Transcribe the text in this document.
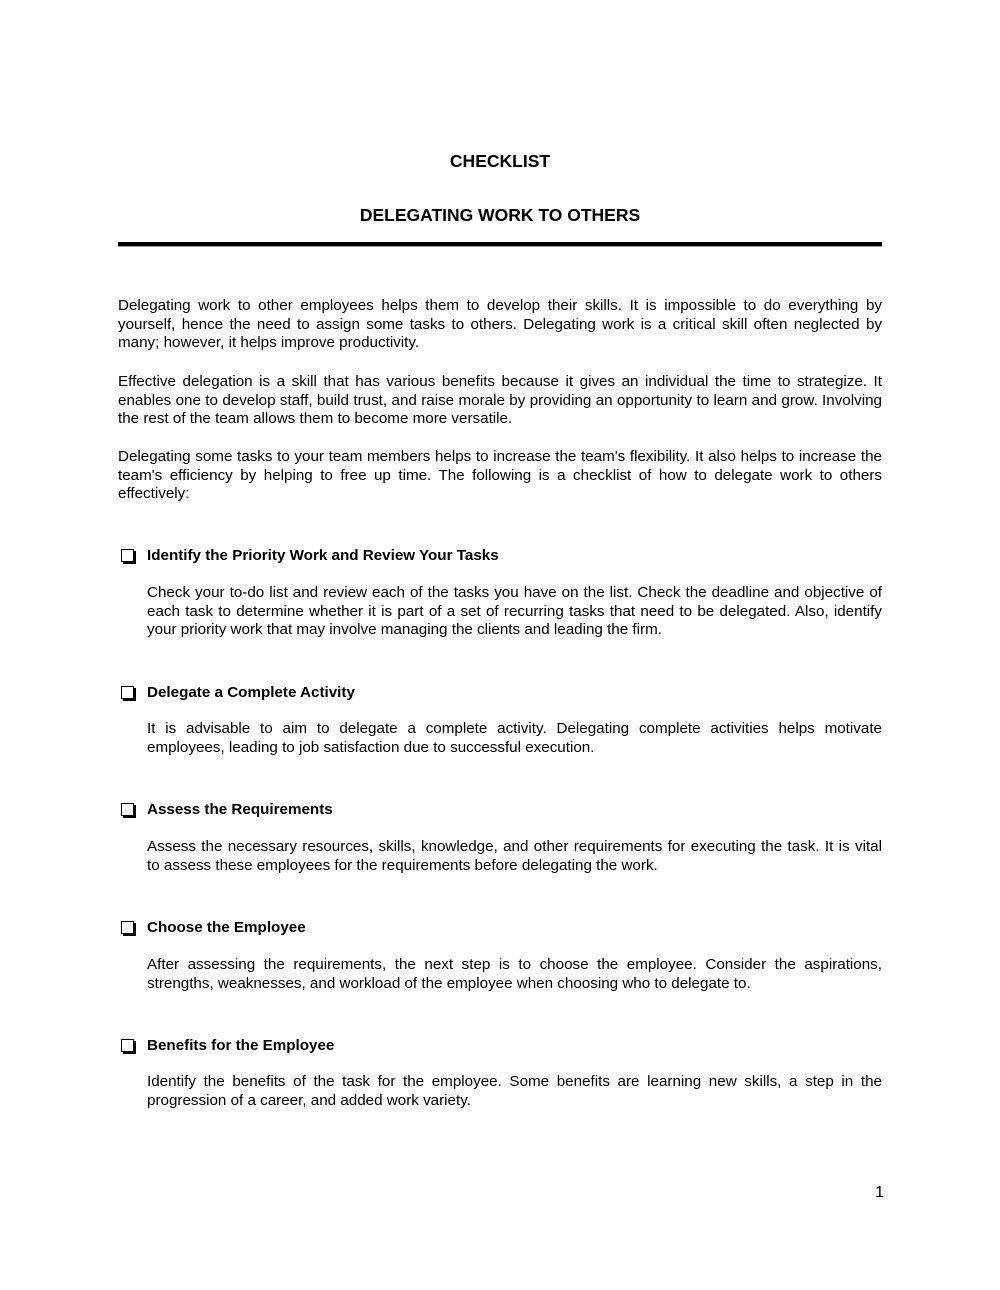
CHECKLIST
DELEGATING WORK TO OTHERS

Delegating work to other employees helps them to develop their skills. It is impossible to do everything by yourself, hence the need to assign some tasks to others. Delegating work is a critical skill often neglected by many; however, it helps improve productivity.

Effective delegation is a skill that has various benefits because it gives an individual the time to strategize. It enables one to develop staff, build trust, and raise morale by providing an opportunity to learn and grow. Involving the rest of the team allows them to become more versatile.

Delegating some tasks to your team members helps to increase the team's flexibility. It also helps to increase the team's efficiency by helping to free up time. The following is a checklist of how to delegate work to others effectively:

Identify the Priority Work and Review Your Tasks

Check your to-do list and review each of the tasks you have on the list. Check the deadline and objective of each task to determine whether it is part of a set of recurring tasks that need to be delegated. Also, identify your priority work that may involve managing the clients and leading the firm.

Delegate a Complete Activity

It is advisable to aim to delegate a complete activity. Delegating complete activities helps motivate employees, leading to job satisfaction due to successful execution.

Assess the Requirements

Assess the necessary resources, skills, knowledge, and other requirements for executing the task. It is vital to assess these employees for the requirements before delegating the work.

Choose the Employee

After assessing the requirements, the next step is to choose the employee. Consider the aspirations, strengths, weaknesses, and workload of the employee when choosing who to delegate to.

Benefits for the Employee

Identify the benefits of the task for the employee. Some benefits are learning new skills, a step in the progression of a career, and added work variety.

1
